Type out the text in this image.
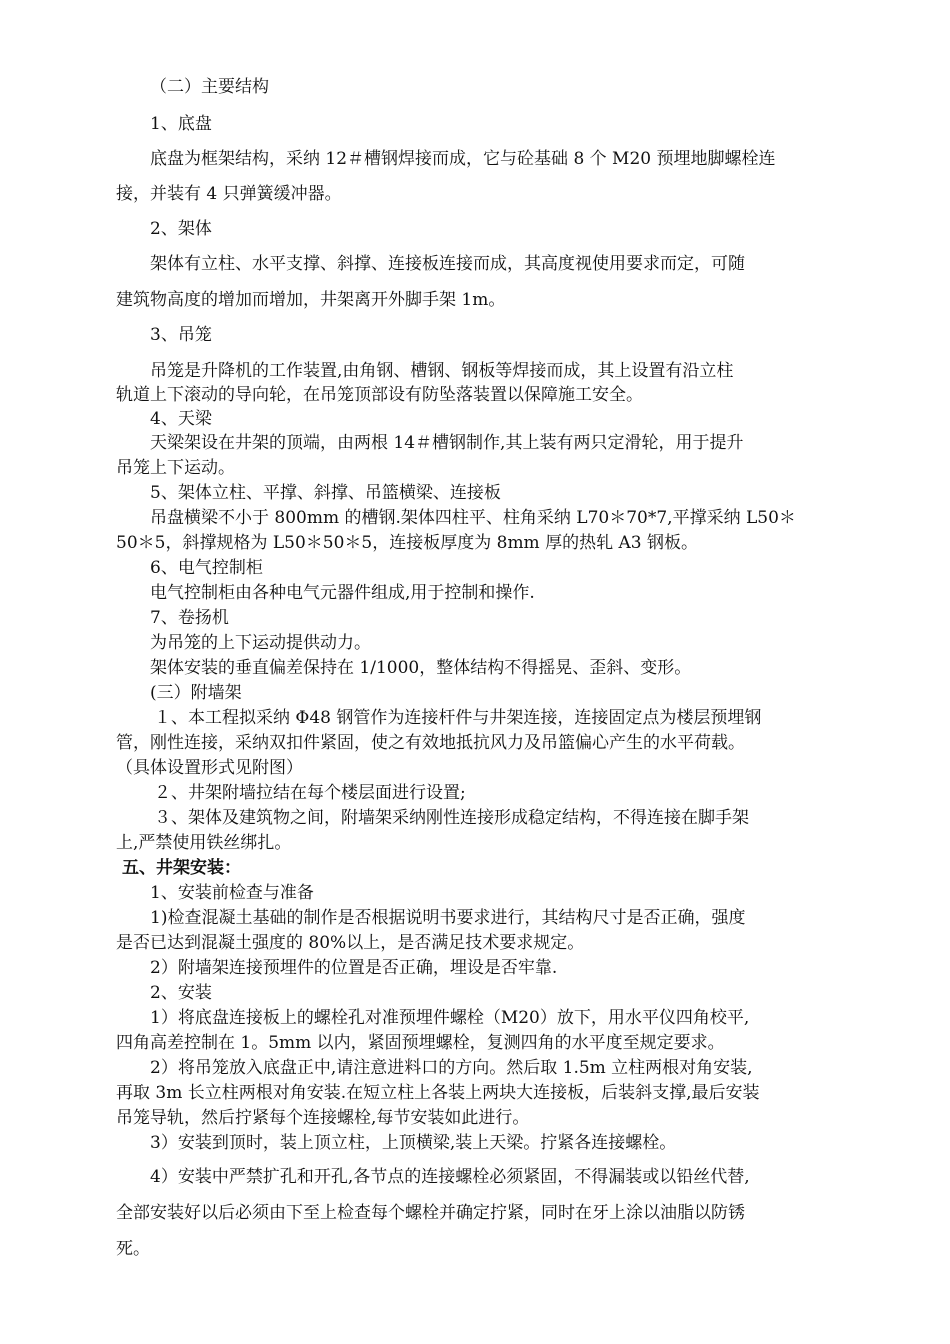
（二）主要结构
1、底盘
底盘为框架结构，采纳 12＃槽钢焊接而成，它与砼基础 8 个 M20 预埋地脚螺栓连
接，并装有 4 只弹簧缓冲器。
2、架体
架体有立柱、水平支撑、斜撑、连接板连接而成，其高度视使用要求而定，可随
建筑物高度的增加而增加，井架离开外脚手架 1m。
3、吊笼
吊笼是升降机的工作装置,由角钢、槽钢、钢板等焊接而成，其上设置有沿立柱
轨道上下滚动的导向轮，在吊笼顶部设有防坠落装置以保障施工安全。
4、天梁
天梁架设在井架的顶端，由两根 14＃槽钢制作,其上装有两只定滑轮，用于提升
吊笼上下运动。
5、架体立柱、平撑、斜撑、吊篮横梁、连接板
吊盘横梁不小于 800mm 的槽钢.架体四柱平、柱角采纳 L70＊70*7,平撑采纳 L50＊
50＊5，斜撑规格为 L50＊50＊5，连接板厚度为 8mm 厚的热轧 A3 钢板。
6、电气控制柜
电气控制柜由各种电气元器件组成,用于控制和操作.
7、卷扬机
为吊笼的上下运动提供动力。
架体安装的垂直偏差保持在 1/1000，整体结构不得摇晃、歪斜、变形。
(三）附墙架
１、本工程拟采纳 Φ48 钢管作为连接杆件与井架连接，连接固定点为楼层预埋钢
管，刚性连接，采纳双扣件紧固，使之有效地抵抗风力及吊篮偏心产生的水平荷载。
（具体设置形式见附图）
２、井架附墙拉结在每个楼层面进行设置;
３、架体及建筑物之间，附墙架采纳刚性连接形成稳定结构，不得连接在脚手架
上,严禁使用铁丝绑扎。
五、井架安装：
1、安装前检查与准备
1)检查混凝土基础的制作是否根据说明书要求进行，其结构尺寸是否正确，强度
是否已达到混凝土强度的 80%以上，是否满足技术要求规定。
2）附墙架连接预埋件的位置是否正确，埋设是否牢靠.
2、安装
1）将底盘连接板上的螺栓孔对准预埋件螺栓（M20）放下，用水平仪四角校平,
四角高差控制在 1。5mm 以内，紧固预埋螺栓，复测四角的水平度至规定要求。
2）将吊笼放入底盘正中,请注意进料口的方向。然后取 1.5m 立柱两根对角安装,
再取 3m 长立柱两根对角安装.在短立柱上各装上两块大连接板，后装斜支撑,最后安装
吊笼导轨，然后拧紧每个连接螺栓,每节安装如此进行。
3）安装到顶时，装上顶立柱，上顶横梁,装上天梁。拧紧各连接螺栓。
4）安装中严禁扩孔和开孔,各节点的连接螺栓必须紧固，不得漏装或以铅丝代替,
全部安装好以后必须由下至上检查每个螺栓并确定拧紧，同时在牙上涂以油脂以防锈
死。
